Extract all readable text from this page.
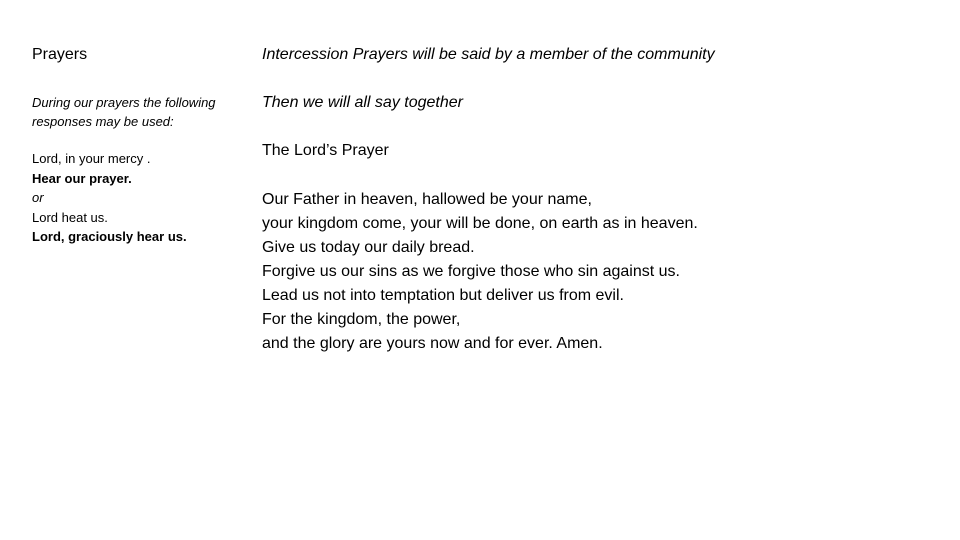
Prayers

During our prayers the following responses may be used:

Lord, in your mercy .
Hear our prayer.
or
Lord heat us.
Lord, graciously hear us.

Intercession Prayers will be said by a member of the community

Then we will all say together

The Lord’s Prayer

Our Father in heaven, hallowed be your name,
your kingdom come, your will be done, on earth as in heaven.
Give us today our daily bread.
Forgive us our sins as we forgive those who sin against us.
Lead us not into temptation but deliver us from evil.
For the kingdom, the power,
and the glory are yours now and for ever. Amen.
